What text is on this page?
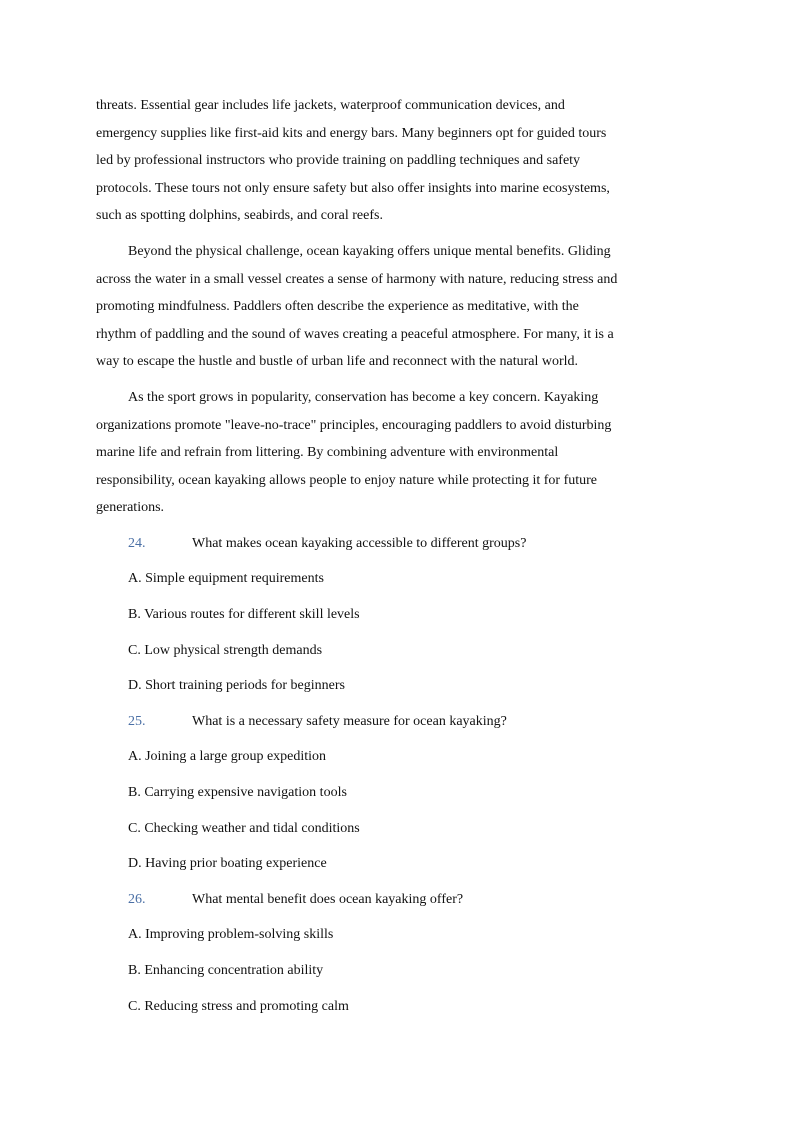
threats. Essential gear includes life jackets, waterproof communication devices, and
emergency supplies like first-aid kits and energy bars. Many beginners opt for guided tours
led by professional instructors who provide training on paddling techniques and safety
protocols. These tours not only ensure safety but also offer insights into marine ecosystems,
such as spotting dolphins, seabirds, and coral reefs.

Beyond the physical challenge, ocean kayaking offers unique mental benefits. Gliding
across the water in a small vessel creates a sense of harmony with nature, reducing stress and
promoting mindfulness. Paddlers often describe the experience as meditative, with the
rhythm of paddling and the sound of waves creating a peaceful atmosphere. For many, it is a
way to escape the hustle and bustle of urban life and reconnect with the natural world.

As the sport grows in popularity, conservation has become a key concern. Kayaking
organizations promote "leave-no-trace" principles, encouraging paddlers to avoid disturbing
marine life and refrain from littering. By combining adventure with environmental
responsibility, ocean kayaking allows people to enjoy nature while protecting it for future
generations.

24.	What makes ocean kayaking accessible to different groups?
A. Simple equipment requirements
B. Various routes for different skill levels
C. Low physical strength demands
D. Short training periods for beginners
25.	What is a necessary safety measure for ocean kayaking?
A. Joining a large group expedition
B. Carrying expensive navigation tools
C. Checking weather and tidal conditions
D. Having prior boating experience
26.	What mental benefit does ocean kayaking offer?
A. Improving problem-solving skills
B. Enhancing concentration ability
C. Reducing stress and promoting calm
